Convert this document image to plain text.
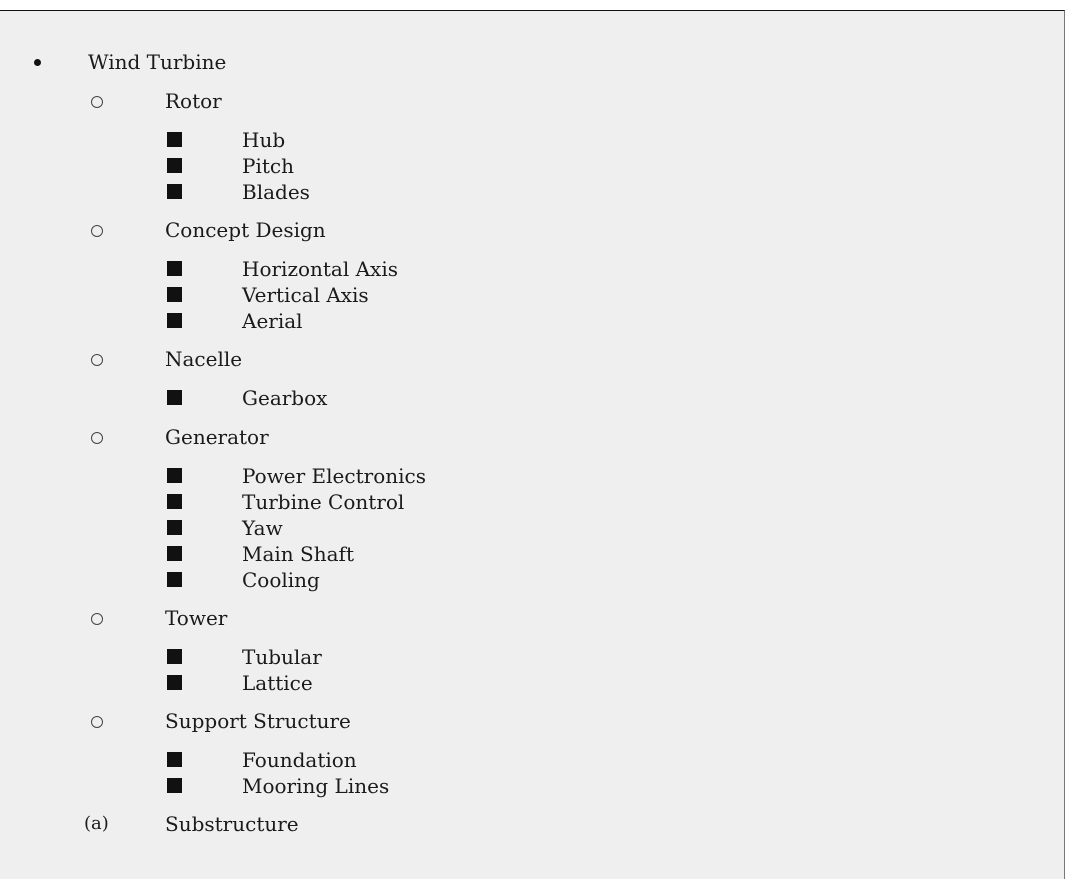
Wind Turbine
Rotor
Hub
Pitch
Blades
Concept Design
Horizontal Axis
Vertical Axis
Aerial
Nacelle
Gearbox
Generator
Power Electronics
Turbine Control
Yaw
Main Shaft
Cooling
Tower
Tubular
Lattice
Support Structure
Foundation
Mooring Lines
(a)	Substructure
